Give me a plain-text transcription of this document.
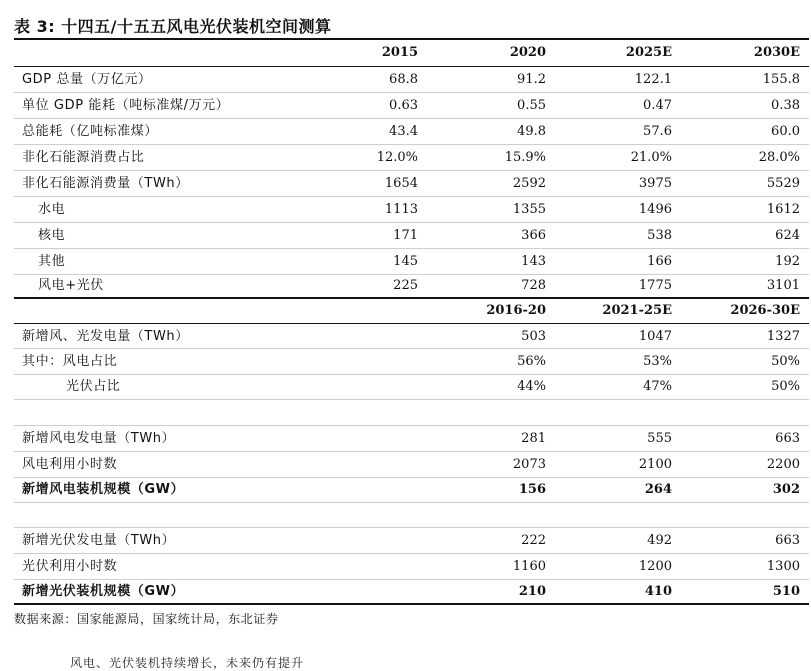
表 3: 十四五/十五五风电光伏装机空间测算
2015	2020	2025E	2030E
GDP 总量（万亿元）	68.8	91.2	122.1	155.8
单位 GDP 能耗（吨标准煤/万元）	0.63	0.55	0.47	0.38
总能耗（亿吨标准煤）	43.4	49.8	57.6	60.0
非化石能源消费占比	12.0%	15.9%	21.0%	28.0%
非化石能源消费量（TWh）	1654	2592	3975	5529
水电	1113	1355	1496	1612
核电	171	366	538	624
其他	145	143	166	192
风电+光伏	225	728	1775	3101
2016-20	2021-25E	2026-30E
新增风、光发电量（TWh）	503	1047	1327
其中：风电占比	56%	53%	50%
光伏占比	44%	47%	50%
新增风电发电量（TWh）	281	555	663
风电利用小时数	2073	2100	2200
新增风电装机规模（GW）	156	264	302
新增光伏发电量（TWh）	222	492	663
光伏利用小时数	1160	1200	1300
新增光伏装机规模（GW）	210	410	510
数据来源：国家能源局，国家统计局，东北证券
风电、光伏装机持续增长，未来仍有提升
